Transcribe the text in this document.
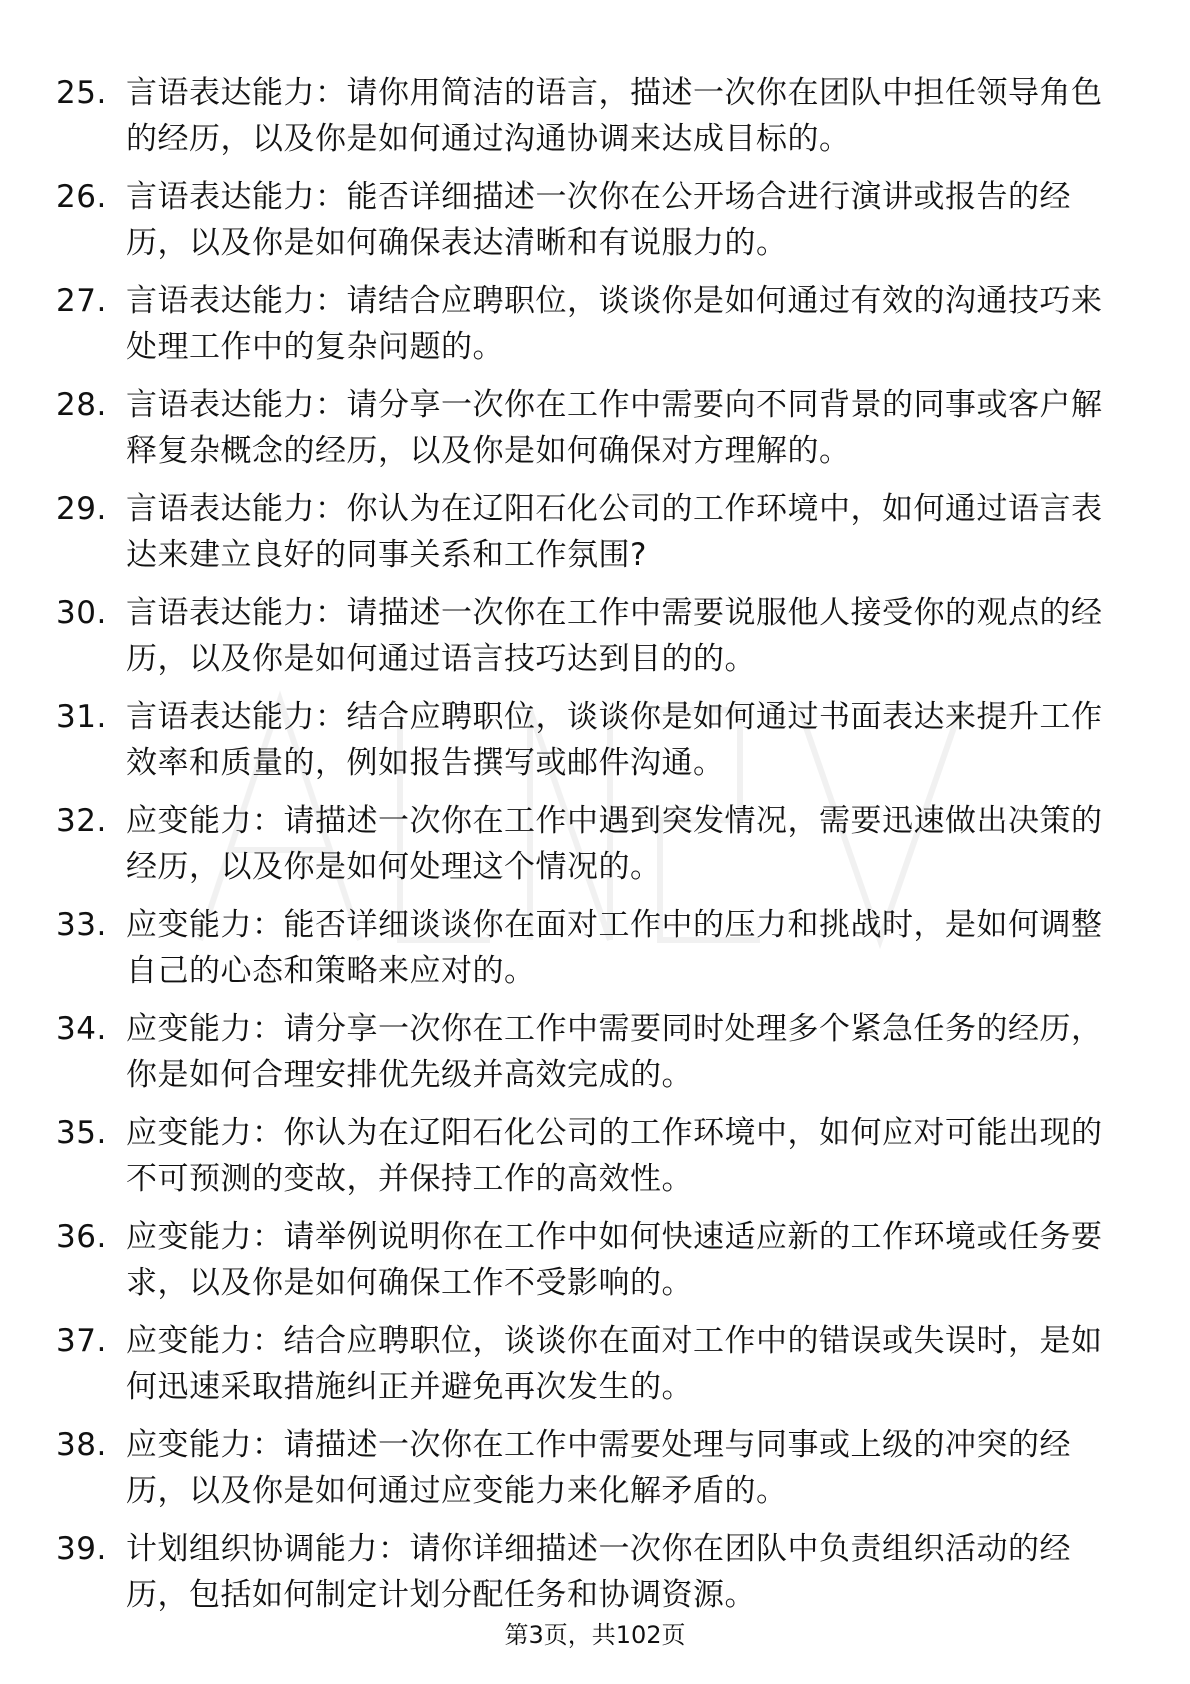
25. 言语表达能力：请你用简洁的语言，描述一次你在团队中担任领导角色的经历，以及你是如何通过沟通协调来达成目标的。
26. 言语表达能力：能否详细描述一次你在公开场合进行演讲或报告的经历，以及你是如何确保表达清晰和有说服力的。
27. 言语表达能力：请结合应聘职位，谈谈你是如何通过有效的沟通技巧来处理工作中的复杂问题的。
28. 言语表达能力：请分享一次你在工作中需要向不同背景的同事或客户解释复杂概念的经历，以及你是如何确保对方理解的。
29. 言语表达能力：你认为在辽阳石化公司的工作环境中，如何通过语言表达来建立良好的同事关系和工作氛围?
30. 言语表达能力：请描述一次你在工作中需要说服他人接受你的观点的经历，以及你是如何通过语言技巧达到目的的。
31. 言语表达能力：结合应聘职位，谈谈你是如何通过书面表达来提升工作效率和质量的，例如报告撰写或邮件沟通。
32. 应变能力：请描述一次你在工作中遇到突发情况，需要迅速做出决策的经历，以及你是如何处理这个情况的。
33. 应变能力：能否详细谈谈你在面对工作中的压力和挑战时，是如何调整自己的心态和策略来应对的。
34. 应变能力：请分享一次你在工作中需要同时处理多个紧急任务的经历，你是如何合理安排优先级并高效完成的。
35. 应变能力：你认为在辽阳石化公司的工作环境中，如何应对可能出现的不可预测的变故，并保持工作的高效性。
36. 应变能力：请举例说明你在工作中如何快速适应新的工作环境或任务要求，以及你是如何确保工作不受影响的。
37. 应变能力：结合应聘职位，谈谈你在面对工作中的错误或失误时，是如何迅速采取措施纠正并避免再次发生的。
38. 应变能力：请描述一次你在工作中需要处理与同事或上级的冲突的经历，以及你是如何通过应变能力来化解矛盾的。
39. 计划组织协调能力：请你详细描述一次你在团队中负责组织活动的经历，包括如何制定计划分配任务和协调资源。
第3页，共102页
